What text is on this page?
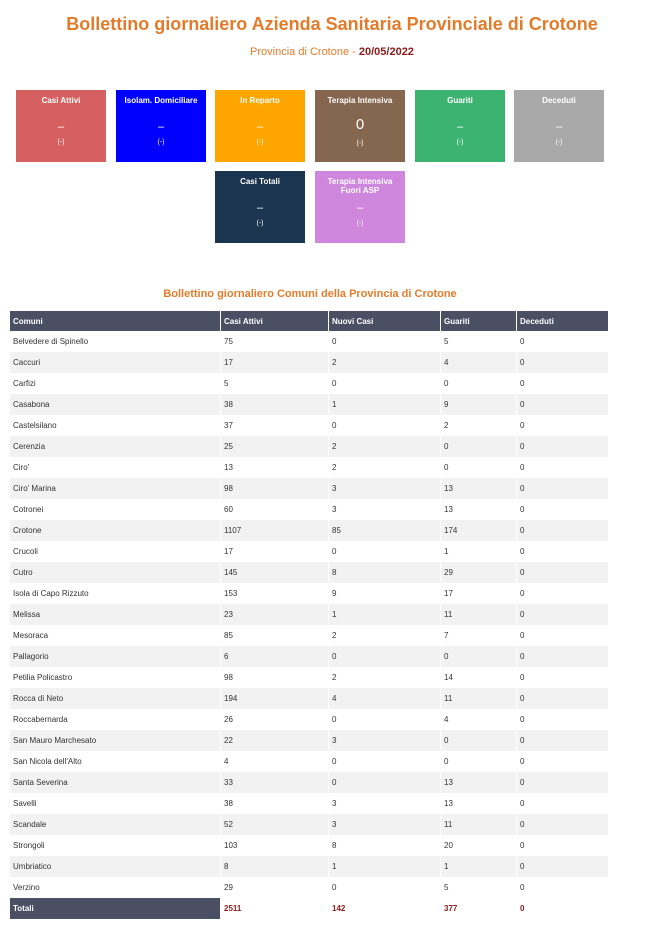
Bollettino giornaliero Azienda Sanitaria Provinciale di Crotone
Provincia di Crotone - 20/05/2022
Casi Attivi
–
(-)
Isolam. Domiciliare
–
(-)
In Reparto
–
(-)
Terapia Intensiva
0
(-)
Guariti
–
(-)
Deceduti
–
(-)
Casi Totali
–
(-)
Terapia Intensiva Fuori ASP
–
(-)
Bollettino giornaliero Comuni della Provincia di Crotone
Comuni	Casi Attivi	Nuovi Casi	Guariti	Deceduti
Belvedere di Spinello	75	0	5	0
Caccuri	17	2	4	0
Carfizi	5	0	0	0
Casabona	38	1	9	0
Castelsilano	37	0	2	0
Cerenzia	25	2	0	0
Ciro'	13	2	0	0
Ciro' Marina	98	3	13	0
Cotronei	60	3	13	0
Crotone	1107	85	174	0
Crucoli	17	0	1	0
Cutro	145	8	29	0
Isola di Capo Rizzuto	153	9	17	0
Melissa	23	1	11	0
Mesoraca	85	2	7	0
Pallagorio	6	0	0	0
Petilia Policastro	98	2	14	0
Rocca di Neto	194	4	11	0
Roccabernarda	26	0	4	0
San Mauro Marchesato	22	3	0	0
San Nicola dell'Alto	4	0	0	0
Santa Severina	33	0	13	0
Savelli	38	3	13	0
Scandale	52	3	11	0
Strongoli	103	8	20	0
Umbriatico	8	1	1	0
Verzino	29	0	5	0
Totali	2511	142	377	0
